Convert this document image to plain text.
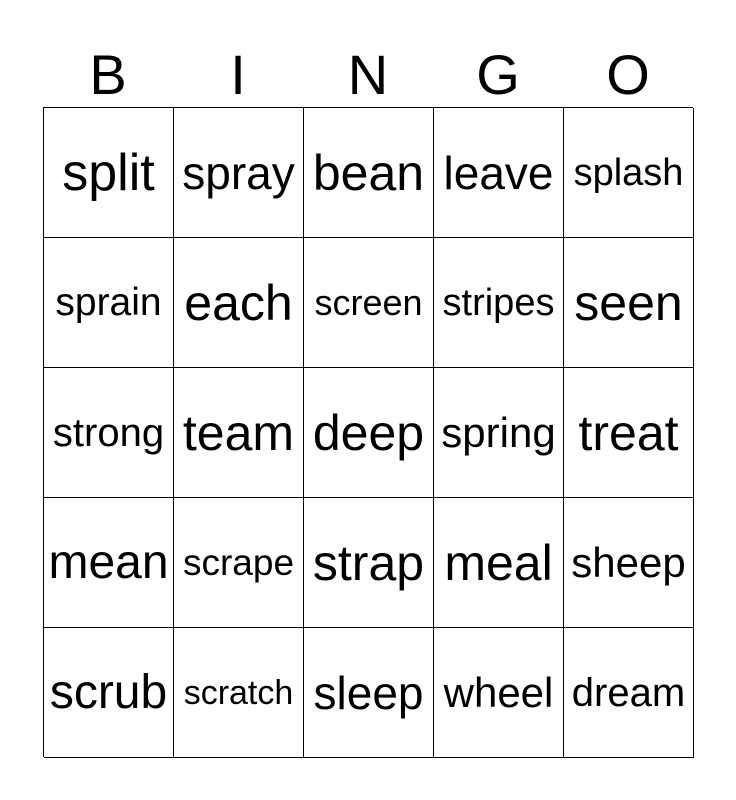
B	I	N	G	O
split spray bean leave splash
sprain each screen stripes seen
strong team deep spring treat
mean scrape strap meal sheep
scrub scratch sleep wheel dream
